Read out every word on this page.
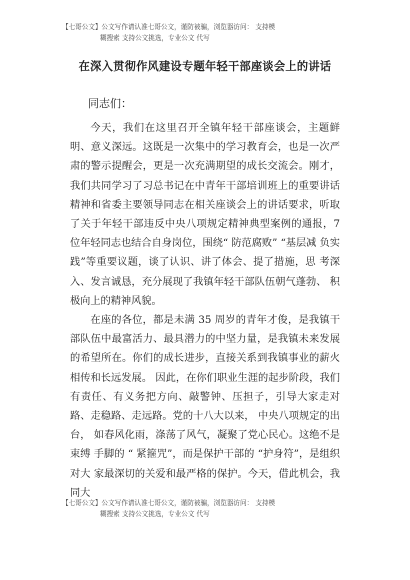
【七哥公文】公文写作请认准七哥公文，谨防被骗，浏览器访问： 支持模
糊搜索 支持公文挑选，专业公文 代写
在深入贯彻作风建设专题年轻干部座谈会上的讲话
同志们：

今天，我们在这里召开全镇年轻干部座谈会，主题鲜明、意义深远。这既是一次集中的学习教育会，也是一次严肃的警示提醒会，更是一次充满期望的成长交流会。刚才，我们共同学习了习总书记在中青年干部培训班上的重要讲话精神和省委主要领导同志在相关座谈会上的讲话要求，听取了关于年轻干部违反中央八项规定精神典型案例的通报，7 位年轻同志也结合自身岗位，围绕“ 防范腐败” “基层减 负实践”等重要议题，谈了认识、讲了体会、提了措施，思 考深入、发言诚恳，充分展现了我镇年轻干部队伍朝气蓬勃、 积极向上的精神风貌。

在座的各位，都是未满 35 周岁的青年才俊，是我镇干部队伍中最富活力、最具潜力的中坚力量，是我镇未来发展的希望所在。你们的成长进步，直接关系到我镇事业的薪火相传和长远发展。 因此，在你们职业生涯的起步阶段，我们有责任、有义务把方向、敲警钟、压担子，引导大家走对路、走稳路、走远路。党的十八大以来， 中央八项规定的出台， 如春风化雨，涤荡了风气，凝聚了党心民心。这绝不是束缚 手脚的 “ 紧箍咒”，而是保护干部的 “护身符”，是组织对大 家最深切的关爱和最严格的保护。今天，借此机会，我同大

【七哥公文】公文写作请认准七哥公文，谨防被骗，浏览器访问： 支持模
糊搜索 支持公文挑选，专业公文 代写
